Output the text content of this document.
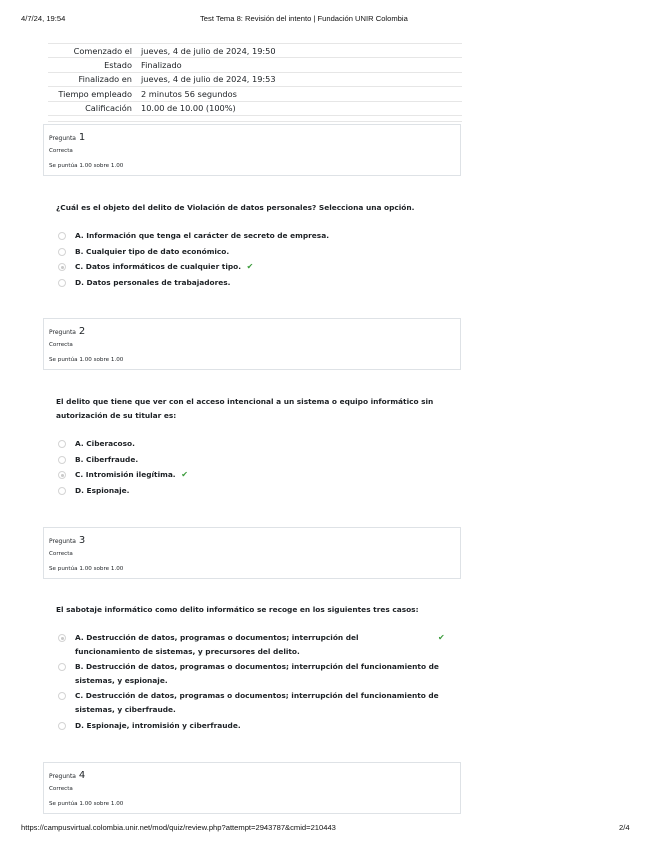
4/7/24, 19:54	Test Tema 8: Revisión del intento | Fundación UNIR Colombia
Comenzado el	jueves, 4 de julio de 2024, 19:50
Estado	Finalizado
Finalizado en	jueves, 4 de julio de 2024, 19:53
Tiempo empleado	2 minutos 56 segundos
Calificación	10.00 de 10.00 (100%)

Pregunta 1
Correcta
Se puntúa 1.00 sobre 1.00
¿Cuál es el objeto del delito de Violación de datos personales? Selecciona una opción.
A. Información que tenga el carácter de secreto de empresa.
B. Cualquier tipo de dato económico.
C. Datos informáticos de cualquier tipo. ✔
D. Datos personales de trabajadores.
Pregunta 2
Correcta
Se puntúa 1.00 sobre 1.00
El delito que tiene que ver con el acceso intencional a un sistema o equipo informático sin autorización de su titular es:
A. Ciberacoso.
B. Ciberfraude.
C. Intromisión ilegítima. ✔
D. Espionaje.
Pregunta 3
Correcta
Se puntúa 1.00 sobre 1.00
El sabotaje informático como delito informático se recoge en los siguientes tres casos:
A. Destrucción de datos, programas o documentos; interrupción del funcionamiento de sistemas, y precursores del delito.
✔
B. Destrucción de datos, programas o documentos; interrupción del funcionamiento de sistemas, y espionaje.
C. Destrucción de datos, programas o documentos; interrupción del funcionamiento de sistemas, y ciberfraude.
D. Espionaje, intromisión y ciberfraude.
Pregunta 4
Correcta
Se puntúa 1.00 sobre 1.00
https://campusvirtual.colombia.unir.net/mod/quiz/review.php?attempt=2943787&cmid=210443	2/4
